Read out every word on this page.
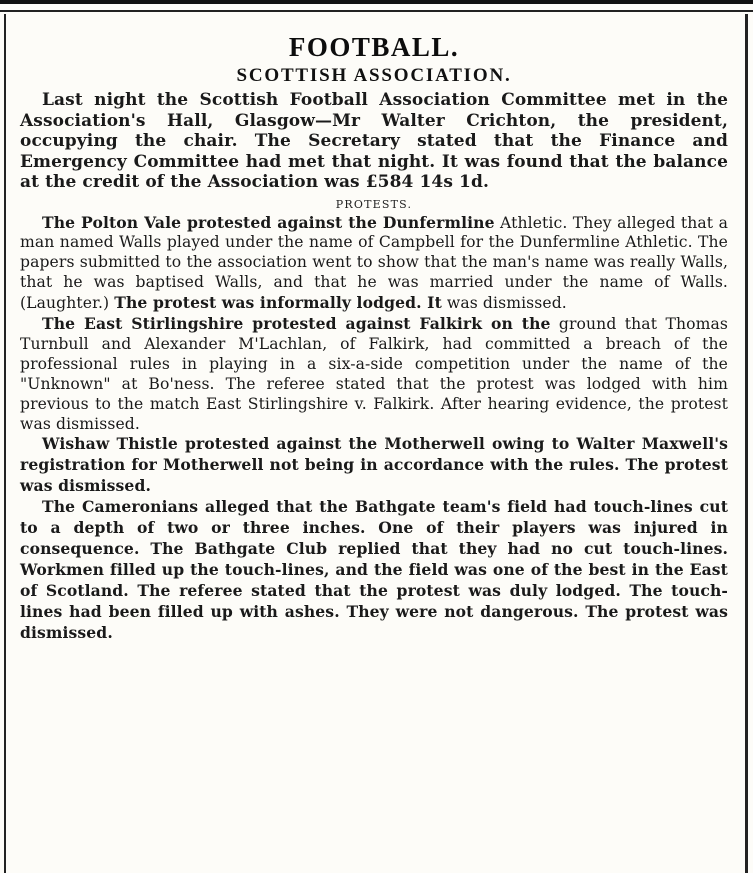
FOOTBALL.
SCOTTISH ASSOCIATION.

Last night the Scottish Football Association Committee met in the Association's Hall, Glasgow—Mr Walter Crichton, the president, occupying the chair. The Secretary stated that the Finance and Emergency Committee had met that night. It was found that the balance at the credit of the Association was £584 14s 1d.

PROTESTS.

The Polton Vale protested against the Dunfermline Athletic. They alleged that a man named Walls played under the name of Campbell for the Dunfermline Athletic. The papers submitted to the association went to show that the man's name was really Walls, that he was baptised Walls, and that he was married under the name of Walls. (Laughter.) The protest was informally lodged. It was dismissed.

The East Stirlingshire protested against Falkirk on the ground that Thomas Turnbull and Alexander M'Lachlan, of Falkirk, had committed a breach of the professional rules in playing in a six-a-side competition under the name of the "Unknown" at Bo'ness. The referee stated that the protest was lodged with him previous to the match East Stirlingshire v. Falkirk. After hearing evidence, the protest was dismissed.

Wishaw Thistle protested against the Motherwell owing to Walter Maxwell's registration for Motherwell not being in accordance with the rules. The protest was dismissed.

The Cameronians alleged that the Bathgate team's field had touch-lines cut to a depth of two or three inches. One of their players was injured in consequence. The Bathgate Club replied that they had no cut touch-lines. Workmen filled up the touch-lines, and the field was one of the best in the East of Scotland. The referee stated that the protest was duly lodged. The touch-lines had been filled up with ashes. They were not dangerous. The protest was dismissed.
